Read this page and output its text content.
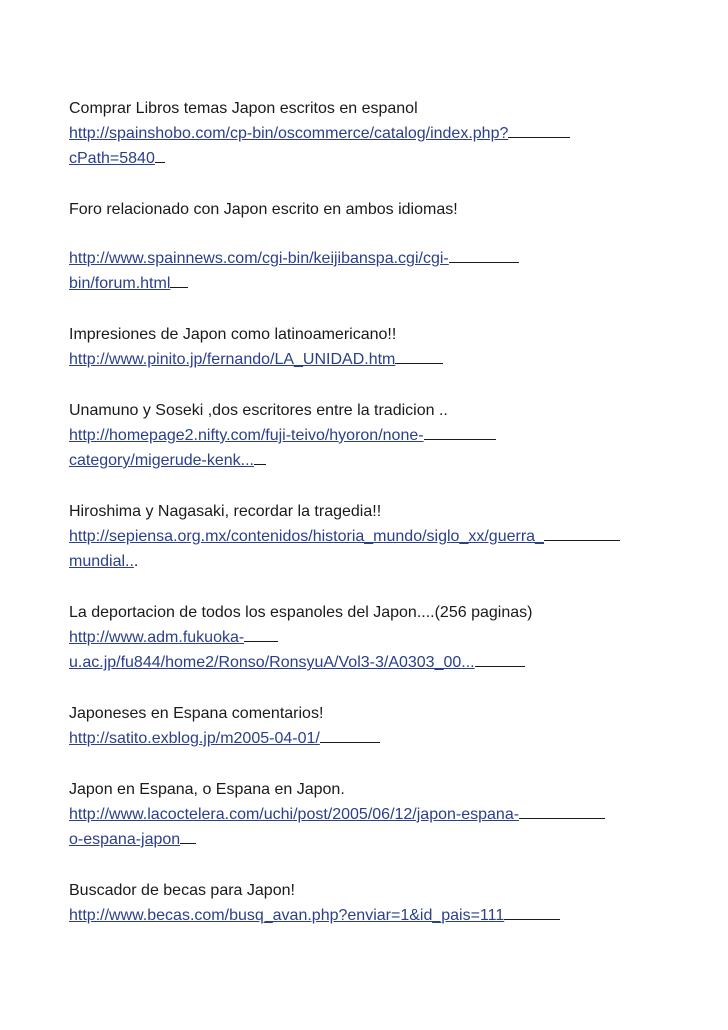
Comprar Libros temas Japon escritos en espanol
http://spainshobo.com/cp-bin/oscommerce/catalog/index.php?
cPath=5840
Foro relacionado con Japon escrito en ambos idiomas!
http://www.spainnews.com/cgi-bin/keijibanspa.cgi/cgi-
bin/forum.html
Impresiones de Japon como latinoamericano!!
http://www.pinito.jp/fernando/LA_UNIDAD.htm
Unamuno y Soseki ,dos escritores entre la tradicion ..
http://homepage2.nifty.com/fuji-teivo/hyoron/none-
category/migerude-kenk...
Hiroshima y Nagasaki, recordar la tragedia!!
http://sepiensa.org.mx/contenidos/historia_mundo/siglo_xx/guerra_
mundial...
La deportacion de todos los espanoles del Japon....(256 paginas)
http://www.adm.fukuoka-
u.ac.jp/fu844/home2/Ronso/RonsyuA/Vol3-3/A0303_00...
Japoneses en Espana comentarios!
http://satito.exblog.jp/m2005-04-01/
Japon en Espana, o Espana en Japon.
http://www.lacoctelera.com/uchi/post/2005/06/12/japon-espana-
o-espana-japon
Buscador de becas para Japon!
http://www.becas.com/busq_avan.php?enviar=1&id_pais=111
